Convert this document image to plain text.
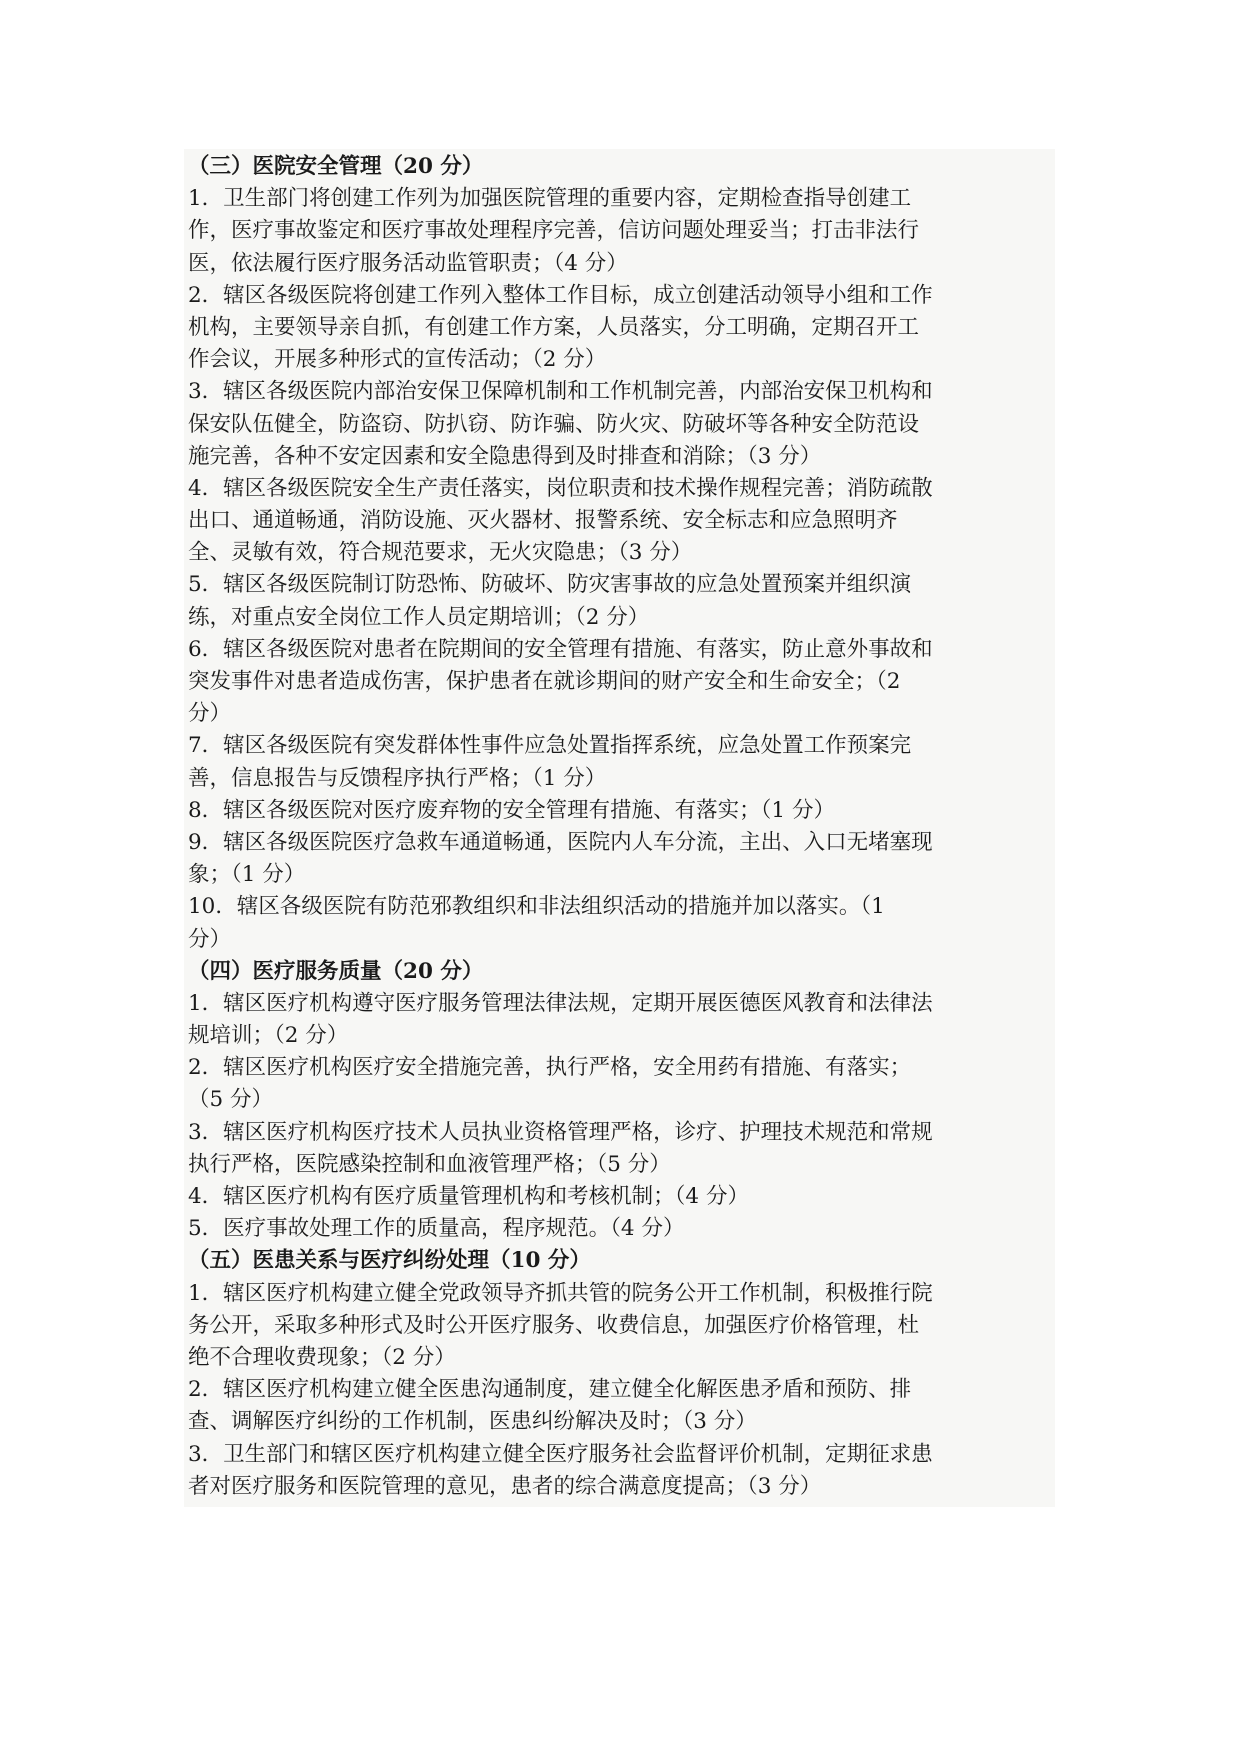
（三）医院安全管理（20 分）
1．卫生部门将创建工作列为加强医院管理的重要内容，定期检查指导创建工
作，医疗事故鉴定和医疗事故处理程序完善，信访问题处理妥当；打击非法行
医，依法履行医疗服务活动监管职责；（4 分）
2．辖区各级医院将创建工作列入整体工作目标，成立创建活动领导小组和工作
机构，主要领导亲自抓，有创建工作方案，人员落实，分工明确，定期召开工
作会议，开展多种形式的宣传活动；（2 分）
3．辖区各级医院内部治安保卫保障机制和工作机制完善，内部治安保卫机构和
保安队伍健全，防盗窃、防扒窃、防诈骗、防火灾、防破坏等各种安全防范设
施完善，各种不安定因素和安全隐患得到及时排查和消除；（3 分）
4．辖区各级医院安全生产责任落实，岗位职责和技术操作规程完善；消防疏散
出口、通道畅通，消防设施、灭火器材、报警系统、安全标志和应急照明齐
全、灵敏有效，符合规范要求，无火灾隐患；（3 分）
5．辖区各级医院制订防恐怖、防破坏、防灾害事故的应急处置预案并组织演
练，对重点安全岗位工作人员定期培训；（2 分）
6．辖区各级医院对患者在院期间的安全管理有措施、有落实，防止意外事故和
突发事件对患者造成伤害，保护患者在就诊期间的财产安全和生命安全；（2
分）
7．辖区各级医院有突发群体性事件应急处置指挥系统，应急处置工作预案完
善，信息报告与反馈程序执行严格；（1 分）
8．辖区各级医院对医疗废弃物的安全管理有措施、有落实；（1 分）
9．辖区各级医院医疗急救车通道畅通，医院内人车分流，主出、入口无堵塞现
象；（1 分）
10．辖区各级医院有防范邪教组织和非法组织活动的措施并加以落实。（1
分）
（四）医疗服务质量（20 分）
1．辖区医疗机构遵守医疗服务管理法律法规，定期开展医德医风教育和法律法
规培训；（2 分）
2．辖区医疗机构医疗安全措施完善，执行严格，安全用药有措施、有落实；
（5 分）
3．辖区医疗机构医疗技术人员执业资格管理严格，诊疗、护理技术规范和常规
执行严格，医院感染控制和血液管理严格；（5 分）
4．辖区医疗机构有医疗质量管理机构和考核机制；（4 分）
5．医疗事故处理工作的质量高，程序规范。（4 分）
（五）医患关系与医疗纠纷处理（10 分）
1．辖区医疗机构建立健全党政领导齐抓共管的院务公开工作机制，积极推行院
务公开，采取多种形式及时公开医疗服务、收费信息，加强医疗价格管理，杜
绝不合理收费现象；（2 分）
2．辖区医疗机构建立健全医患沟通制度，建立健全化解医患矛盾和预防、排
查、调解医疗纠纷的工作机制，医患纠纷解决及时；（3 分）
3．卫生部门和辖区医疗机构建立健全医疗服务社会监督评价机制，定期征求患
者对医疗服务和医院管理的意见，患者的综合满意度提高；（3 分）
